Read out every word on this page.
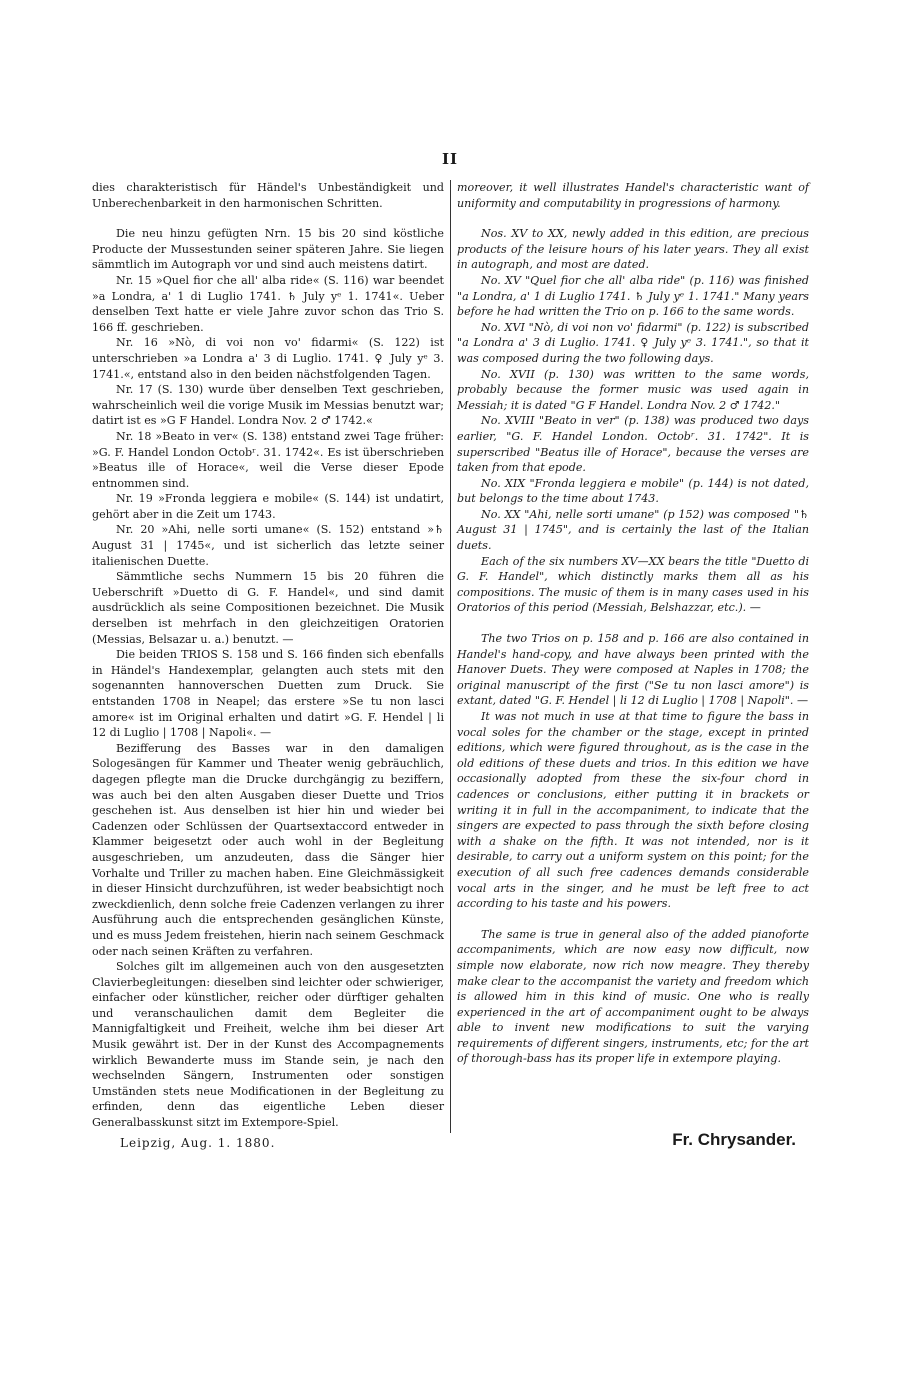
II

dies charakteristisch für Händel's Unbeständigkeit und Unberechenbarkeit in den harmonischen Schritten.

Die neu hinzu gefügten Nrn. 15 bis 20 sind köstliche Producte der Mussestunden seiner späteren Jahre. Sie liegen sämmtlich im Autograph vor und sind auch meistens datirt.

Nr. 15 »Quel fior che all' alba ride« (S. 116) war beendet »a Londra, a' 1 di Luglio 1741. ♄ July yᵉ 1. 1741«. Ueber denselben Text hatte er viele Jahre zuvor schon das Trio S. 166 ff. geschrieben.

Nr. 16 »Nò, di voi non vo' fidarmi« (S. 122) ist unterschrieben »a Londra a' 3 di Luglio. 1741. ♀ July yᵉ 3. 1741.«, entstand also in den beiden nächstfolgenden Tagen.

Nr. 17 (S. 130) wurde über denselben Text geschrieben, wahrscheinlich weil die vorige Musik im Messias benutzt war; datirt ist es »G F Handel. Londra Nov. 2 ♂ 1742.«

Nr. 18 »Beato in ver« (S. 138) entstand zwei Tage früher: »G. F. Handel London Octobʳ. 31. 1742«. Es ist überschrieben »Beatus ille of Horace«, weil die Verse dieser Epode entnommen sind.

Nr. 19 »Fronda leggiera e mobile« (S. 144) ist undatirt, gehört aber in die Zeit um 1743.

Nr. 20 »Ahi, nelle sorti umane« (S. 152) entstand »♄ August 31 | 1745«, und ist sicherlich das letzte seiner italienischen Duette.

Sämmtliche sechs Nummern 15 bis 20 führen die Ueberschrift »Duetto di G. F. Handel«, und sind damit ausdrücklich als seine Compositionen bezeichnet. Die Musik derselben ist mehrfach in den gleichzeitigen Oratorien (Messias, Belsazar u. a.) benutzt. —

Die beiden TRIOS S. 158 und S. 166 finden sich ebenfalls in Händel's Handexemplar, gelangten auch stets mit den sogenannten hannoverschen Duetten zum Druck. Sie entstanden 1708 in Neapel; das erstere »Se tu non lasci amore« ist im Original erhalten und datirt »G. F. Hendel | li 12 di Luglio | 1708 | Napoli«. —

Bezifferung des Basses war in den damaligen Sologesängen für Kammer und Theater wenig gebräuchlich, dagegen pflegte man die Drucke durchgängig zu beziffern, was auch bei den alten Ausgaben dieser Duette und Trios geschehen ist. Aus denselben ist hier hin und wieder bei Cadenzen oder Schlüssen der Quartsextaccord entweder in Klammer beigesetzt oder auch wohl in der Begleitung ausgeschrieben, um anzudeuten, dass die Sänger hier Vorhalte und Triller zu machen haben. Eine Gleichmässigkeit in dieser Hinsicht durchzuführen, ist weder beabsichtigt noch zweckdienlich, denn solche freie Cadenzen verlangen zu ihrer Ausführung auch die entsprechenden gesänglichen Künste, und es muss Jedem freistehen, hierin nach seinem Geschmack oder nach seinen Kräften zu verfahren.

Solches gilt im allgemeinen auch von den ausgesetzten Clavierbegleitungen: dieselben sind leichter oder schwieriger, einfacher oder künstlicher, reicher oder dürftiger gehalten und veranschaulichen damit dem Begleiter die Mannigfaltigkeit und Freiheit, welche ihm bei dieser Art Musik gewährt ist. Der in der Kunst des Accompagnements wirklich Bewanderte muss im Stande sein, je nach den wechselnden Sängern, Instrumenten oder sonstigen Umständen stets neue Modificationen in der Begleitung zu erfinden, denn das eigentliche Leben dieser Generalbasskunst sitzt im Extempore-Spiel.

moreover, it well illustrates Handel's characteristic want of uniformity and computability in progressions of harmony.

Nos. XV to XX, newly added in this edition, are precious products of the leisure hours of his later years. They all exist in autograph, and most are dated.

No. XV "Quel fior che all' alba ride" (p. 116) was finished "a Londra, a' 1 di Luglio 1741. ♄ July yᵉ 1. 1741." Many years before he had written the Trio on p. 166 to the same words.

No. XVI "Nò, di voi non vo' fidarmi" (p. 122) is subscribed "a Londra a' 3 di Luglio. 1741. ♀ July yᵉ 3. 1741.", so that it was composed during the two following days.

No. XVII (p. 130) was written to the same words, probably because the former music was used again in Messiah; it is dated "G F Handel. Londra Nov. 2 ♂ 1742."

No. XVIII "Beato in ver" (p. 138) was produced two days earlier, "G. F. Handel London. Octobʳ. 31. 1742". It is superscribed "Beatus ille of Horace", because the verses are taken from that epode.

No. XIX "Fronda leggiera e mobile" (p. 144) is not dated, but belongs to the time about 1743.

No. XX "Ahi, nelle sorti umane" (p 152) was composed "♄ August 31 | 1745", and is certainly the last of the Italian duets.

Each of the six numbers XV—XX bears the title "Duetto di G. F. Handel", which distinctly marks them all as his compositions. The music of them is in many cases used in his Oratorios of this period (Messiah, Belshazzar, etc.). —

The two Trios on p. 158 and p. 166 are also contained in Handel's hand-copy, and have always been printed with the Hanover Duets. They were composed at Naples in 1708; the original manuscript of the first ("Se tu non lasci amore") is extant, dated "G. F. Hendel | li 12 di Luglio | 1708 | Napoli". —

It was not much in use at that time to figure the bass in vocal soles for the chamber or the stage, except in printed editions, which were figured throughout, as is the case in the old editions of these duets and trios. In this edition we have occasionally adopted from these the six-four chord in cadences or conclusions, either putting it in brackets or writing it in full in the accompaniment, to indicate that the singers are expected to pass through the sixth before closing with a shake on the fifth. It was not intended, nor is it desirable, to carry out a uniform system on this point; for the execution of all such free cadences demands considerable vocal arts in the singer, and he must be left free to act according to his taste and his powers.

The same is true in general also of the added pianoforte accompaniments, which are now easy now difficult, now simple now elaborate, now rich now meagre. They thereby make clear to the accompanist the variety and freedom which is allowed him in this kind of music. One who is really experienced in the art of accompaniment ought to be always able to invent new modifications to suit the varying requirements of different singers, instruments, etc; for the art of thorough-bass has its proper life in extempore playing.

Leipzig, Aug. 1. 1880.	Fr. Chrysander.
